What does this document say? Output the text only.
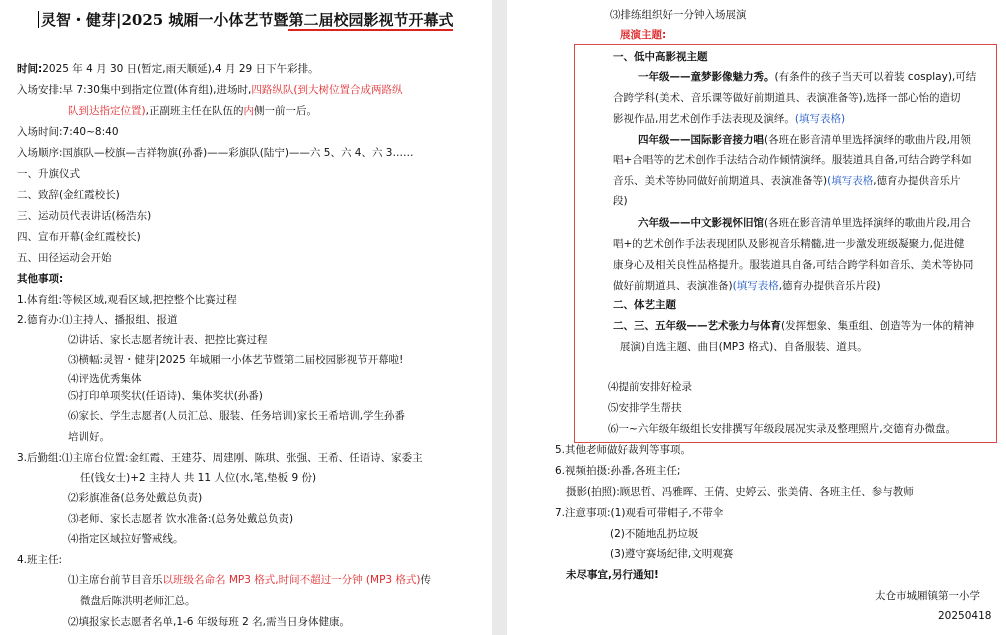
灵智・健芽|2025 城厢一小体艺节暨第二届校园影视节开幕式
时间:2025 年 4 月 30 日(暂定,雨天顺延),4 月 29 日下午彩排。
入场安排:早 7:30集中到指定位置(体育组),进场时,四路纵队(到大树位置合成两路纵
队到达指定位置),正副班主任在队伍的内侧一前一后。
入场时间:7:40~8:40
入场顺序:国旗队—校旗—吉祥物旗(孙番)——彩旗队(陆宁)——六 5、六 4、六 3……
一、升旗仪式
二、致辞(金红霞校长)
三、运动员代表讲话(杨浩东)
四、宣布开幕(金红霞校长)
五、田径运动会开始
其他事项:
1.体育组:等候区域,观看区域,把控整个比赛过程
2.德育办:⑴主持人、播报组、报道
⑵讲话、家长志愿者统计表、把控比赛过程
⑶横幅:灵智・健芽|2025 年城厢一小体艺节暨第二届校园影视节开幕啦!
⑷评选优秀集体
⑸打印单项奖状(任语诗)、集体奖状(孙番)
⑹家长、学生志愿者(人员汇总、服装、任务培训)家长王希培训,学生孙番
培训好。
3.后勤组:⑴主席台位置:金红霞、王建芬、周建刚、陈琪、张强、王希、任语诗、家委主
任(钱女士)+2 主持人 共 11 人位(水,笔,垫板 9 份)
⑵彩旗准备(总务处戴总负责)
⑶老师、家长志愿者 饮水准备:(总务处戴总负责)
⑷指定区域拉好警戒线。
4.班主任:
⑴主席台前节目音乐以班级名命名 MP3 格式,时间不超过一分钟 (MP3 格式)传
微盘后陈洪明老师汇总。
⑵填报家长志愿者名单,1-6 年级每班 2 名,需当日身体健康。
⑶排练组织好一分钟入场展演
展演主题:
一、低中高影视主题
一年级——童梦影像魅力秀。(有条件的孩子当天可以着装 cosplay),可结
合跨学科(美术、音乐课等做好前期道具、表演准备等),选择一部心怡的造切
影视作品,用艺术创作手法表现及演绎。(填写表格)
四年级——国际影音接力唱(各班在影音清单里选择演绎的歌曲片段,用领
唱+合唱等的艺术创作手法结合动作倾情演绎。服装道具自备,可结合跨学科如
音乐、美术等协同做好前期道具、表演准备等)(填写表格,德育办提供音乐片
段)
六年级——中文影视怀旧馆(各班在影音清单里选择演绎的歌曲片段,用合
唱+的艺术创作手法表现团队及影视音乐精髓,进一步激发班级凝聚力,促进健
康身心及相关良性品格提升。服装道具自备,可结合跨学科如音乐、美术等协同
做好前期道具、表演准备)(填写表格,德育办提供音乐片段)
二、体艺主题
二、三、五年级——艺术张力与体育(发挥想象、集重组、创造等为一体的精神
展演)自选主题、曲目(MP3 格式)、自备服装、道具。
⑷提前安排好检录
⑸安排学生帮扶
⑹一~六年级年级组长安排撰写年级段展况实录及整理照片,交德育办微盘。
5.其他老师做好裁判等事项。
6.视频拍摄:孙番,各班主任;
摄影(拍照):顾思哲、冯雅晖、王倩、史婷云、张美倩、各班主任、参与教师
7.注意事项:(1)观看可带帽子,不带伞
(2)不随地乱扔垃圾
(3)遵守赛场纪律,文明观赛
未尽事宜,另行通知!
太仓市城厢镇第一小学
20250418
